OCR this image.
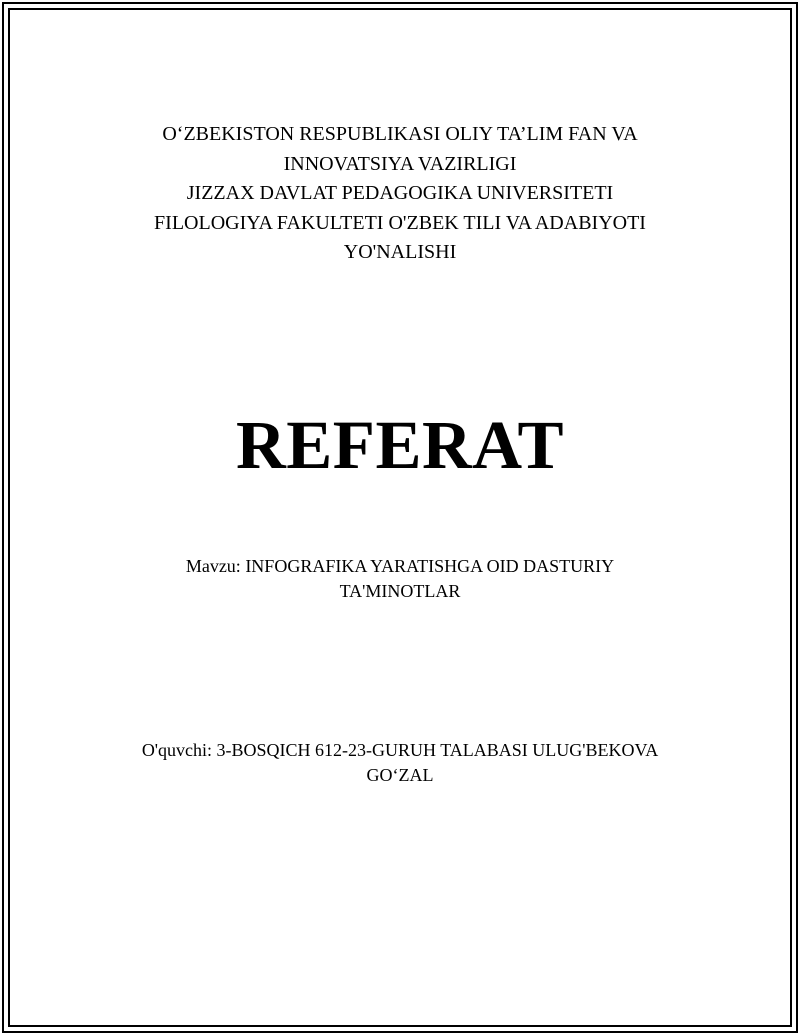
O‘ZBEKISTON RESPUBLIKASI OLIY TA’LIM FAN VA
INNOVATSIYA VAZIRLIGI
JIZZAX DAVLAT PEDAGOGIKA UNIVERSITETI
FILOLOGIYA FAKULTETI O'ZBEK TILI VA ADABIYOTI
YO'NALISHI
REFERAT
Mavzu: INFOGRAFIKA YARATISHGA OID DASTURIY
TA'MINOTLAR
O'quvchi: 3-BOSQICH 612-23-GURUH TALABASI ULUG'BEKOVA
GO‘ZAL
